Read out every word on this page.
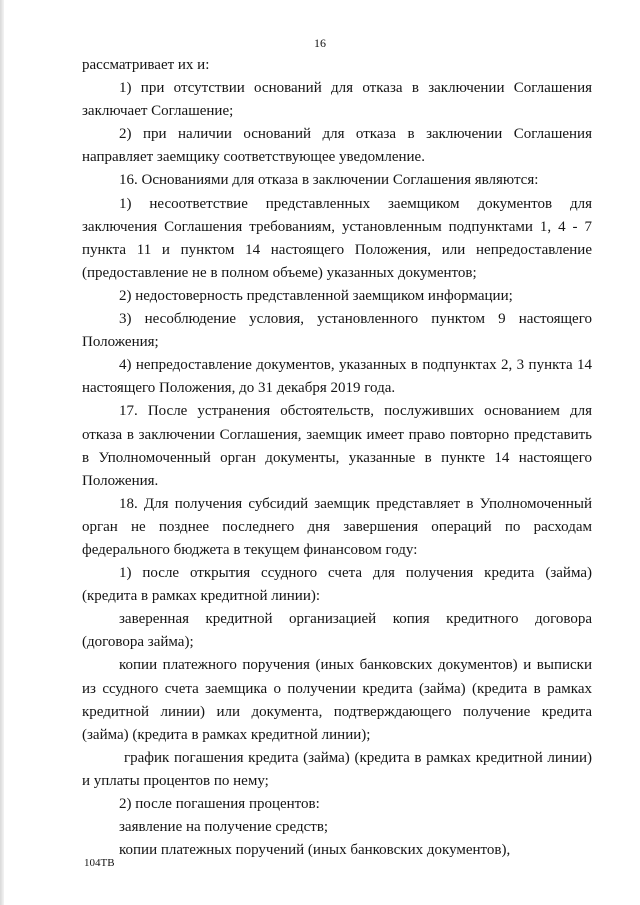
16

рассматривает их и:

1) при отсутствии оснований для отказа в заключении Соглашения заключает Соглашение;

2) при наличии оснований для отказа в заключении Соглашения направляет заемщику соответствующее уведомление.

16. Основаниями для отказа в заключении Соглашения являются:

1) несоответствие представленных заемщиком документов для заключения Соглашения требованиям, установленным подпунктами 1, 4 - 7 пункта 11 и пунктом 14 настоящего Положения, или непредоставление (предоставление не в полном объеме) указанных документов;

2) недостоверность представленной заемщиком информации;

3) несоблюдение условия, установленного пунктом 9 настоящего Положения;

4) непредоставление документов, указанных в подпунктах 2, 3 пункта 14 настоящего Положения, до 31 декабря 2019 года.

17. После устранения обстоятельств, послуживших основанием для отказа в заключении Соглашения, заемщик имеет право повторно представить в Уполномоченный орган документы, указанные в пункте 14 настоящего Положения.

18. Для получения субсидий заемщик представляет в Уполномоченный орган не позднее последнего дня завершения операций по расходам федерального бюджета в текущем финансовом году:

1) после открытия ссудного счета для получения кредита (займа) (кредита в рамках кредитной линии):

заверенная кредитной организацией копия кредитного договора (договора займа);

копии платежного поручения (иных банковских документов) и выписки из ссудного счета заемщика о получении кредита (займа) (кредита в рамках кредитной линии) или документа, подтверждающего получение кредита (займа) (кредита в рамках кредитной линии);

график погашения кредита (займа) (кредита в рамках кредитной линии) и уплаты процентов по нему;

2) после погашения процентов:

заявление на получение средств;

копии платежных поручений (иных банковских документов),

104ТВ
